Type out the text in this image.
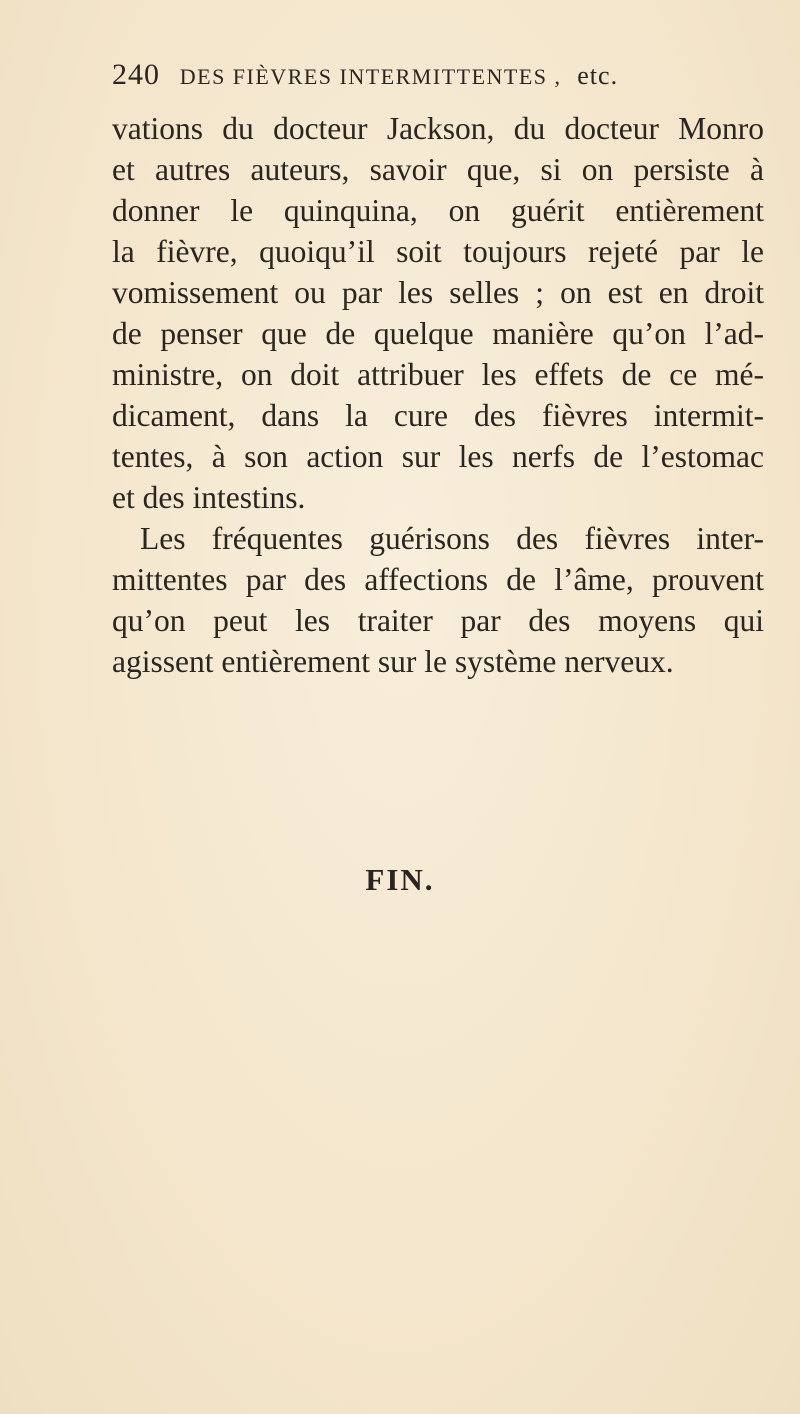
240 DES FIÈVRES INTERMITTENTES , etc.
vations du docteur Jackson, du docteur Monro
et autres auteurs, savoir que, si on persiste à
donner le quinquina, on guérit entièrement
la fièvre, quoiqu’il soit toujours rejeté par le
vomissement ou par les selles ; on est en droit
de penser que de quelque manière qu’on l’ad-
ministre, on doit attribuer les effets de ce mé-
dicament, dans la cure des fièvres intermit-
tentes, à son action sur les nerfs de l’estomac
et des intestins.
Les fréquentes guérisons des fièvres inter-
mittentes par des affections de l’âme, prouvent
qu’on peut les traiter par des moyens qui
agissent entièrement sur le système nerveux.
FIN.
